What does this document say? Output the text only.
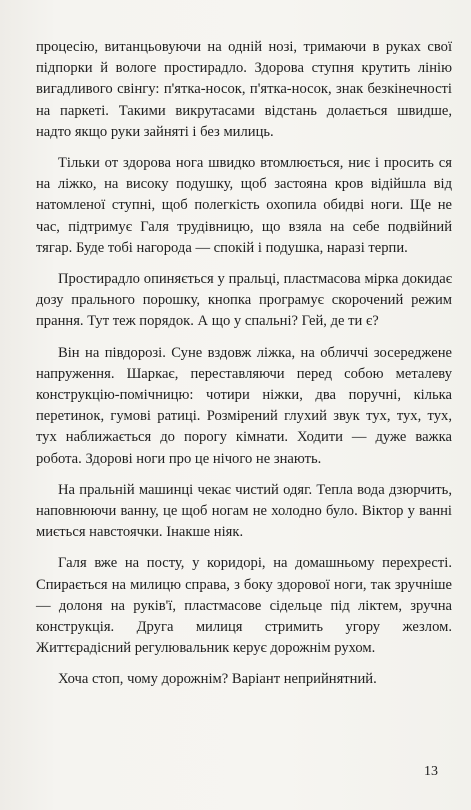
процесію, витанцьовуючи на одній нозі, тримаючи в руках свої підпорки й вологе простирадло. Здорова ступня крутить лінію вигадливого свінгу: п'ятка-носок, п'ятка-носок, знак безкінечності на паркеті. Такими викрутасами відстань долається швидше, надто якщо руки зайняті і без милиць.

Тільки от здорова нога швидко втомлюється, ниє і просить ся на ліжко, на високу подушку, щоб застояна кров відійшла від натомленої ступні, щоб полегкість охопила обидві ноги. Ще не час, підтримує Галя трудівницю, що взяла на себе подвійний тягар. Буде тобі нагорода — спокій і подушка, наразі терпи.

Простирадло опиняється у пральці, пластмасова мірка докидає дозу прального порошку, кнопка програмує скорочений режим прання. Тут теж порядок. А що у спальні? Гей, де ти є?

Він на півдорозі. Суне вздовж ліжка, на обличчі зосереджене напруження. Шаркає, переставляючи перед собою металеву конструкцію-помічницю: чотири ніжки, два поручні, кілька перетинок, гумові ратиці. Розмірений глухий звук тух, тух, тух, тух наближається до порогу кімнати. Ходити — дуже важка робота. Здорові ноги про це нічого не знають.

На пральній машинці чекає чистий одяг. Тепла вода дзюрчить, наповнюючи ванну, це щоб ногам не холодно було. Віктор у ванні миється навстоячки. Інакше ніяк.

Галя вже на посту, у коридорі, на домашньому перехресті. Спирається на милицю справа, з боку здорової ноги, так зручніше — долоня на руків'ї, пластмасове сідельце під ліктем, зручна конструкція. Друга милиця стримить угору жезлом. Життєрадісний регулювальник керує дорожнім рухом.

Хоча стоп, чому дорожнім? Варіант неприйнятний.

13
